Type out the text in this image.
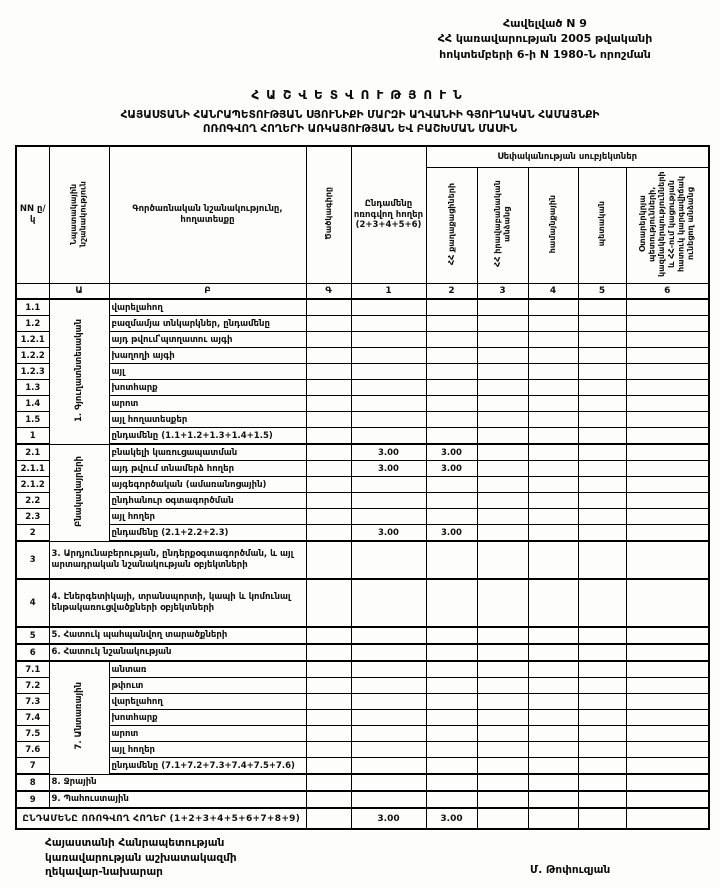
Հավելված N 9
ՀՀ կառավարության 2005 թվականի
հոկտեմբերի 6-ի N 1980-Ն որոշման
ՀԱՇՎԵՏՎՈՒԹՅՈՒՆ
ՀԱՅԱՍՏԱՆԻ ՀԱՆՐԱՊԵՏՈՒԹՅԱՆ ՍՅՈՒՆԻՔԻ ՄԱՐԶԻ ԱՂՎԱՆԻԻ ԳՅՈՒՂԱԿԱՆ ՀԱՄԱՅՆՔԻ
ՈՌՈԳՎՈՂ ՀՈՂԵՐԻ ԱՌԿԱՅՈՒԹՅԱՆ ԵՎ ԲԱՇԽՄԱՆ ՄԱՍԻՆ
NN ը/կ	Նպատակային նշանակություն	Գործառնական նշանակությունը, հողատեսքը	Ծածկագիրը	Ընդամենը ոռոգվող հողեր (2+3+4+5+6)	Սեփականության սուբյեկտներ				
					ՀՀ քաղաքացիների	ՀՀ իրավաբանական անձանց	համայնքային	պետական	Օտարերկրյա պետությունների, կազմակերպությունների և ՀՀ-ում կացության հատուկ կարգավիճակ ունեցող անձանց
	Ա	Բ	Գ	1	2	3	4	5	6
1.1	1. Գյուղատնտեսական	վարելահող							
1.2		բազմամյա տնկարկներ, ընդամենը							
1.2.1		այդ թվում՝պտղատու այգի							
1.2.2		խաղողի այգի							
1.2.3		այլ							
1.3		խոտհարք							
1.4		արոտ							
1.5		այլ հողատեսքեր							
1		ընդամենը (1.1+1.2+1.3+1.4+1.5)							
2.1	Բնակավայրերի	բնակելի կառուցապատման		3.00	3.00				
2.1.1		այդ թվում տնամերձ հողեր		3.00	3.00				
2.1.2		այգեգործական (ամառանոցային)							
2.2		ընդհանուր օգտագործման							
2.3		այլ հողեր							
2		ընդամենը (2.1+2.2+2.3)		3.00	3.00				
3	3. Արդյունաբերության, ընդերքօգտագործման, և այլ արտադրական նշանակության օբյեկտների								
4	4. Էներգետիկայի, տրանսպորտի, կապի և կոմունալ ենթակառուցվածքների օբյեկտների								
5	5. Հատուկ պահպանվող տարածքների								
6	6. Հատուկ նշանակության								
7.1	7. Անտառային	անտառ							
7.2		թփուտ							
7.3		վարելահող							
7.4		խոտհարք							
7.5		արոտ							
7.6		այլ հողեր							
7		ընդամենը (7.1+7.2+7.3+7.4+7.5+7.6)							
8	8. Ջրային								
9	9. Պահուստային								
ԸՆԴԱՄԵՆԸ ՈՌՈԳՎՈՂ ՀՈՂԵՐ (1+2+3+4+5+6+7+8+9)				3.00	3.00				
Հայաստանի Հանրապետության
կառավարության աշխատակազմի
ղեկավար-նախարար	Մ. Թոփուզյան
